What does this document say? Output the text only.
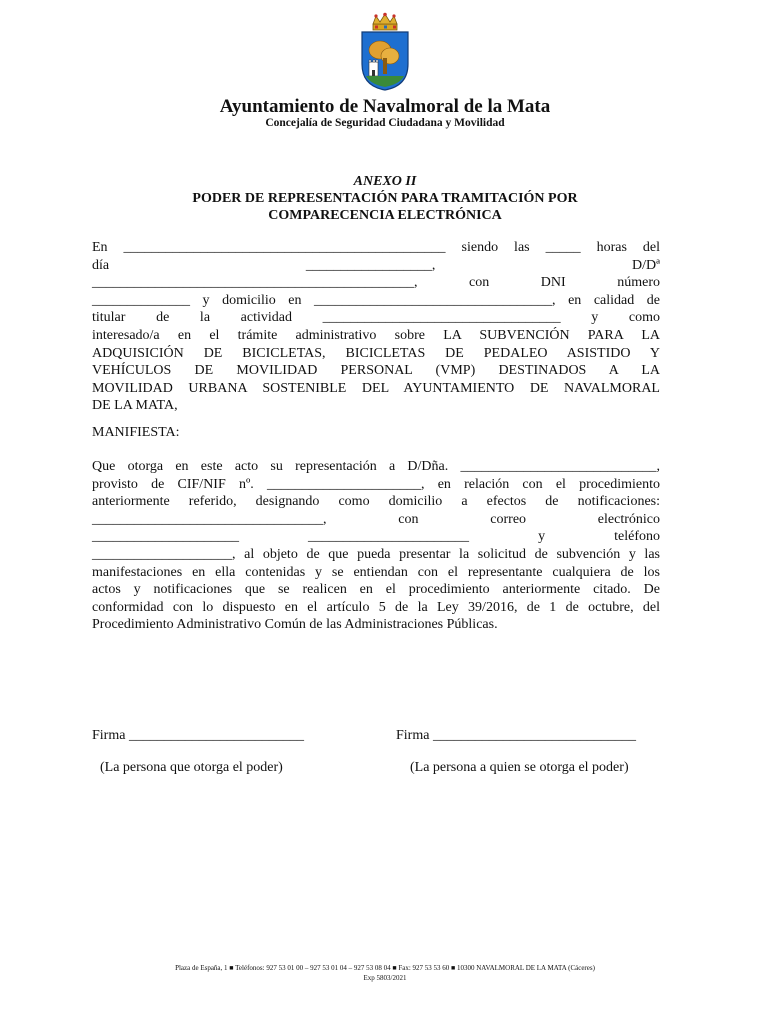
Ayuntamiento de Navalmoral de la Mata
Concejalía de Seguridad Ciudadana y Movilidad
ANEXO II
PODER DE REPRESENTACIÓN PARA TRAMITACIÓN POR
COMPARECENCIA ELECTRÓNICA
En ______________________________________________ siendo las _____ horas del
día __________________, D/Dª
______________________________________________, con DNI número
______________ y domicilio en __________________________________, en calidad de
titular de la actividad __________________________________ y como
interesado/a en el trámite administrativo sobre LA SUBVENCIÓN PARA LA
ADQUISICIÓN DE BICICLETAS, BICICLETAS DE PEDALEO ASISTIDO Y
VEHÍCULOS DE MOVILIDAD PERSONAL (VMP) DESTINADOS A LA
MOVILIDAD URBANA SOSTENIBLE DEL AYUNTAMIENTO DE NAVALMORAL
DE LA MATA,
MANIFIESTA:
Que otorga en este acto su representación a D/Dña. ____________________________,
provisto de CIF/NIF nº. ______________________, en relación con el procedimiento
anteriormente referido, designando como domicilio a efectos de notificaciones:
_________________________________, con correo electrónico
_____________________ _______________________ y teléfono
____________________, al objeto de que pueda presentar la solicitud de subvención y las
manifestaciones en ella contenidas y se entiendan con el representante cualquiera de los
actos y notificaciones que se realicen en el procedimiento anteriormente citado. De
conformidad con lo dispuesto en el artículo 5 de la Ley 39/2016, de 1 de octubre, del
Procedimiento Administrativo Común de las Administraciones Públicas.
Firma _________________________	Firma _____________________________
(La persona que otorga el poder)	(La persona a quien se otorga el poder)
Plaza de España, 1 ■ Teléfonos: 927 53 01 00 – 927 53 01 04 – 927 53 08 04 ■ Fax: 927 53 53 60 ■ 10300 NAVALMORAL DE LA MATA (Cáceres)
Exp 5803/2021
